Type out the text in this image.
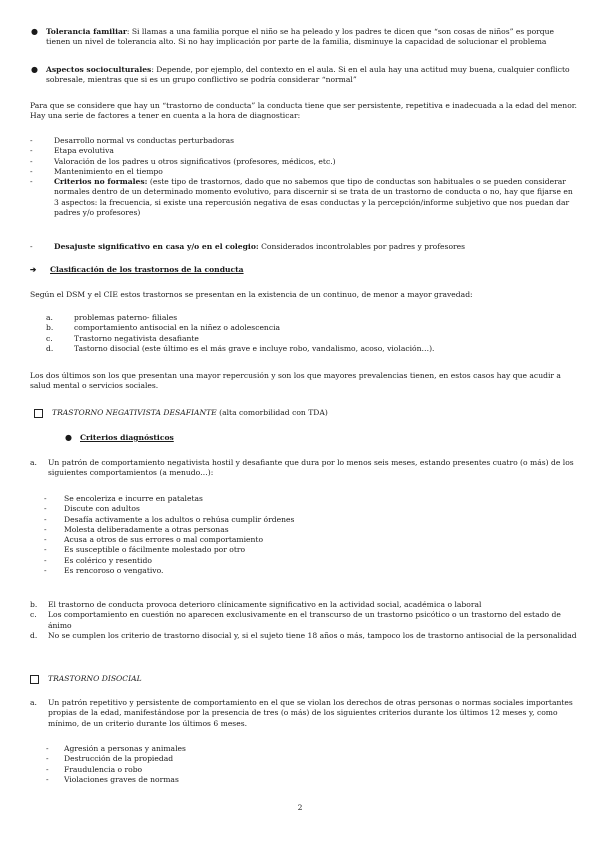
●	Tolerancia familiar: Si llamas a una familia porque el niño se ha peleado y los padres te dicen que “son cosas de niños” es porque tienen un nivel de tolerancia alto. Si no hay implicación por parte de la familia, disminuye la capacidad de solucionar el problema
●	Aspectos socioculturales: Depende, por ejemplo, del contexto en el aula. Si en el aula hay una actitud muy buena, cualquier conflicto sobresale, mientras que si es un grupo conflictivo se podría considerar “normal”
Para que se considere que hay un “trastorno de conducta” la conducta tiene que ser persistente, repetitiva e inadecuada a la edad del menor. Hay una serie de factores a tener en cuenta a la hora de diagnosticar:
-	Desarrollo normal vs conductas perturbadoras
-	Etapa evolutiva
-	Valoración de los padres u otros significativos (profesores, médicos, etc.)
-	Mantenimiento en el tiempo
-	Criterios no formales: (este tipo de trastornos, dado que no sabemos que tipo de conductas son habituales o se pueden considerar normales dentro de un determinado momento evolutivo, para discernir si se trata de un trastorno de conducta o no, hay que fijarse en 3 aspectos: la frecuencia, si existe una repercusión negativa de esas conductas y la percepción/informe subjetivo que nos puedan dar padres y/o profesores)
-	Desajuste significativo en casa y/o en el colegio: Considerados incontrolables por padres y profesores
➔	Clasificación de los trastornos de la conducta
Según el DSM y el CIE estos trastornos se presentan en la existencia de un continuo, de menor a mayor gravedad:
a.	problemas paterno- filiales
b.	comportamiento antisocial en la niñez o adolescencia
c.	Trastorno negativista desafiante
d.	Tastorno disocial (este último es el más grave e incluye robo, vandalismo, acoso, violación…).
Los dos últimos son los que presentan una mayor repercusión y son los que mayores prevalencias tienen, en estos casos hay que acudir a salud mental o servicios sociales.
TRASTORNO NEGATIVISTA DESAFIANTE (alta comorbilidad con TDA)
●	Criterios diagnósticos
a.	Un patrón de comportamiento negativista hostil y desafiante que dura por lo menos seis meses, estando presentes cuatro (o más) de los siguientes comportamientos (a menudo…):
-	Se encoleriza e incurre en pataletas
-	Discute con adultos
-	Desafía activamente a los adultos o rehúsa cumplir órdenes
-	Molesta deliberadamente a otras personas
-	Acusa a otros de sus errores o mal comportamiento
-	Es susceptible o fácilmente molestado por otro
-	Es colérico y resentido
-	Es rencoroso o vengativo.
b.	El trastorno de conducta provoca deterioro clínicamente significativo en la actividad social, académica o laboral
c.	Los comportamiento en cuestión no aparecen exclusivamente en el transcurso de un trastorno psicótico o un trastorno del estado de ánimo
d.	No se cumplen los criterio de trastorno disocial y, si el sujeto tiene 18 años o más, tampoco los de trastorno antisocial de la personalidad
TRASTORNO DISOCIAL
a.	Un patrón repetitivo y persistente de comportamiento en el que se violan los derechos de otras personas o normas sociales importantes propias de la edad, manifestándose por la presencia de tres (o más) de los siguientes criterios durante los últimos 12 meses y, como mínimo, de un criterio durante los últimos 6 meses.
-	Agresión a personas y animales
-	Destrucción de la propiedad
-	Fraudulencia o robo
-	Violaciones graves de normas
2
